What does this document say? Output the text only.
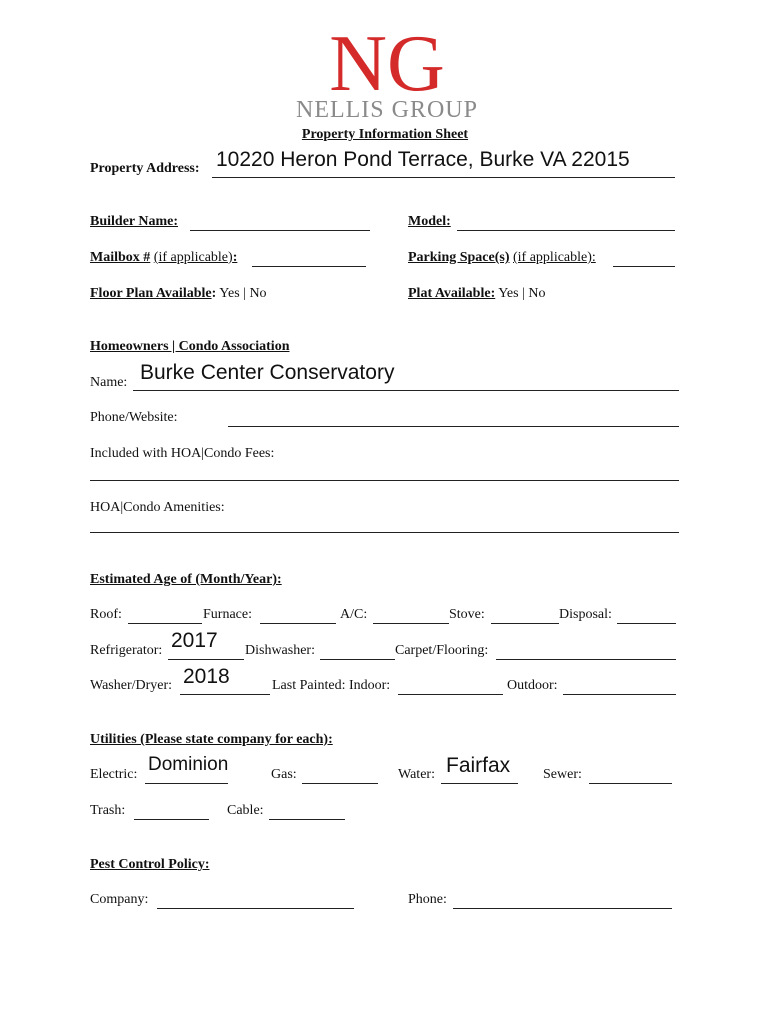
NG
NELLIS GROUP
Property Information Sheet
Property Address: 10220 Heron Pond Terrace, Burke VA 22015
Builder Name:	Model:
Mailbox # (if applicable):	Parking Space(s) (if applicable):
Floor Plan Available: Yes | No	Plat Available: Yes | No
Homeowners | Condo Association
Name: Burke Center Conservatory
Phone/Website:
Included with HOA|Condo Fees:
HOA|Condo Amenities:
Estimated Age of (Month/Year):
Roof:	Furnace:	A/C:	Stove:	Disposal:
Refrigerator: 2017 Dishwasher:	Carpet/Flooring:
Washer/Dryer: 2018	Last Painted: Indoor:	Outdoor:
Utilities (Please state company for each):
Electric: Dominion	Gas:	Water: Fairfax Sewer:
Trash:	Cable:
Pest Control Policy:
Company:	Phone:
